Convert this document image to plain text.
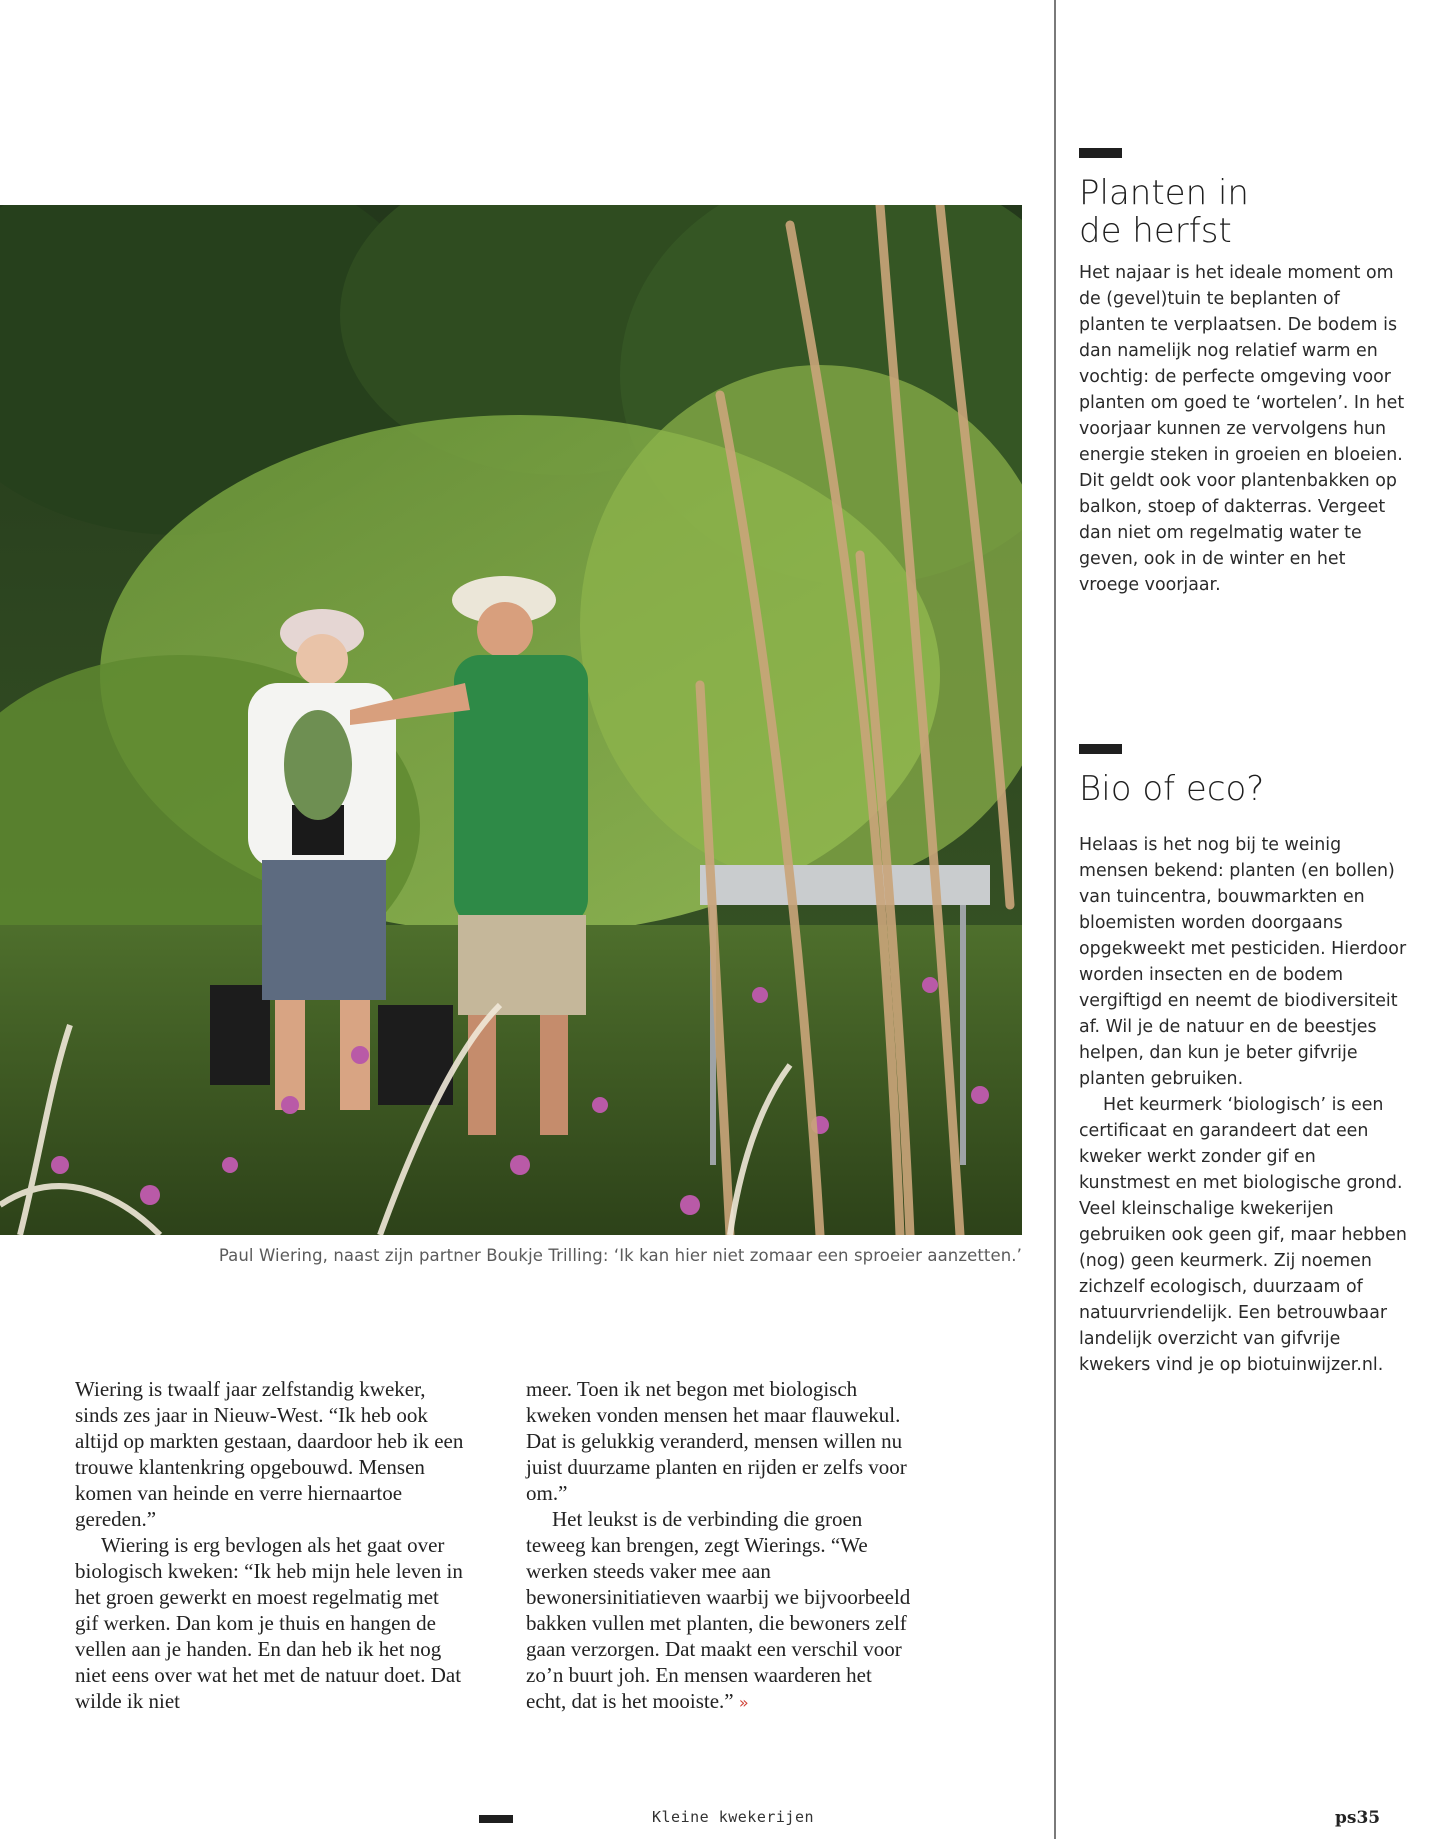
Paul Wiering, naast zijn partner Boukje Trilling: ‘Ik kan hier niet zomaar een sproeier aanzetten.’

Wiering is twaalf jaar zelfstandig kweker, sinds zes jaar in Nieuw-West. “Ik heb ook altijd op markten gestaan, daardoor heb ik een trouwe klantenkring opgebouwd. Mensen komen van heinde en verre hiernaartoe gereden.”

Wiering is erg bevlogen als het gaat over biologisch kweken: “Ik heb mijn hele leven in het groen gewerkt en moest regelmatig met gif werken. Dan kom je thuis en hangen de vellen aan je handen. En dan heb ik het nog niet eens over wat het met de natuur doet. Dat wilde ik niet

meer. Toen ik net begon met biologisch kweken vonden mensen het maar flauwekul. Dat is gelukkig veranderd, mensen willen nu juist duurzame planten en rijden er zelfs voor om.”

Het leukst is de verbinding die groen teweeg kan brengen, zegt Wierings. “We werken steeds vaker mee aan bewonersinitiatieven waarbij we bijvoorbeeld bakken vullen met planten, die bewoners zelf gaan verzorgen. Dat maakt een verschil voor zo’n buurt joh. En mensen waarderen het echt, dat is het mooiste.” »

Planten in
de herfst

Het najaar is het ideale moment om de (gevel)tuin te beplanten of planten te verplaatsen. De bodem is dan namelijk nog relatief warm en vochtig: de perfecte omgeving voor planten om goed te ‘wortelen’. In het voorjaar kunnen ze vervolgens hun energie steken in groeien en bloeien. Dit geldt ook voor plantenbakken op balkon, stoep of dakterras. Vergeet dan niet om regelmatig water te geven, ook in de winter en het vroege voorjaar.

Bio of eco?

Helaas is het nog bij te weinig mensen bekend: planten (en bollen) van tuincentra, bouwmarkten en bloemisten worden doorgaans opgekweekt met pesticiden. Hierdoor worden insecten en de bodem vergiftigd en neemt de biodiversiteit af. Wil je de natuur en de beestjes helpen, dan kun je beter gifvrije planten gebruiken.
Het keurmerk ‘biologisch’ is een certificaat en garandeert dat een kweker werkt zonder gif en kunstmest en met biologische grond. Veel kleinschalige kwekerijen gebruiken ook geen gif, maar hebben (nog) geen keurmerk. Zij noemen zichzelf ecologisch, duurzaam of natuurvriendelijk. Een betrouwbaar landelijk overzicht van gifvrije kwekers vind je op biotuinwijzer.nl.

Kleine kwekerijen	ps35
